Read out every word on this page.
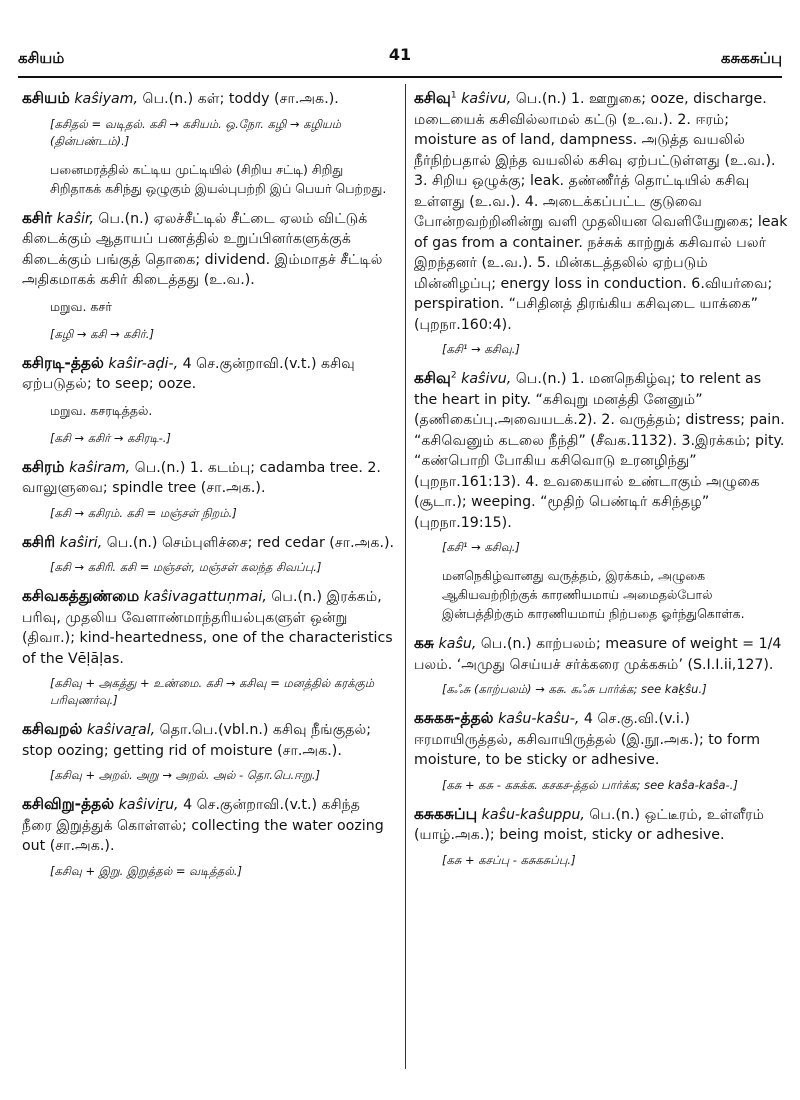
கசியம்	41	கசுகசுப்பு
கசியம் kaŝiyam, பெ.(n.) கள்; toddy (சா.அக.).
[கசிதல் = வடிதல். கசி → கசியம். ஒ.நோ. கழி → கழியம் (தின்பண்டம்).]
பனைமரத்தில் கட்டிய முட்டியில் (சிறிய சட்டி) சிறிது சிறிதாகக் கசிந்து ஒழுகும் இயல்புபற்றி இப் பெயர் பெற்றது.
கசிர் kaŝir, பெ.(n.) ஏலச்சீட்டில் சீட்டை ஏலம் விட்டுக் கிடைக்கும் ஆதாயப் பணத்தில் உறுப்பினர்களுக்குக் கிடைக்கும் பங்குத் தொகை; dividend. இம்மாதச் சீட்டில் அதிகமாகக் கசிர் கிடைத்தது (உ.வ.).
மறுவ. கசர்
[கழி → கசி → கசிர்.]
கசிரடி-த்தல் kaŝir-aḍi-, 4 செ.குன்றாவி.(v.t.) கசிவு ஏற்படுதல்; to seep; ooze.
மறுவ. கசரடித்தல்.
[கசி → கசிர் → கசிரடி-.]
கசிரம் kaŝiram, பெ.(n.) 1. கடம்பு; cadamba tree. 2. வாலுளுவை; spindle tree (சா.அக.).
[கசி → கசிரம். கசி = மஞ்சள் நிறம்.]
கசிரி kaŝiri, பெ.(n.) செம்புளிச்சை; red cedar (சா.அக.).
[கசி → கசிரி. கசி = மஞ்சள், மஞ்சள் கலந்த சிவப்பு.]
கசிவகத்துண்மை kaŝivagattuṇmai, பெ.(n.) இரக்கம், பரிவு, முதலிய வேளாண்மாந்தரியல்புகளுள் ஒன்று (திவா.); kind-heartedness, one of the characteristics of the Vēḷāḷas.
[கசிவு + அகத்து + உண்மை. கசி → கசிவு = மனத்தில் கரக்கும் பரிவுணர்வு.]
கசிவறல் kaŝivaṟal, தொ.பெ.(vbl.n.) கசிவு நீங்குதல்; stop oozing; getting rid of moisture (சா.அக.).
[கசிவு + அறல். அறு → அறல். அல் - தொ.பெ.ஈறு.]
கசிவிறு-த்தல் kaŝiviṟu, 4 செ.குன்றாவி.(v.t.) கசிந்த நீரை இறுத்துக் கொள்ளல்; collecting the water oozing out (சா.அக.).
[கசிவு + இறு. இறுத்தல் = வடித்தல்.]
கசிவு$^1$ kaŝivu, பெ.(n.) 1. ஊறுகை; ooze, discharge. மடையைக் கசிவில்லாமல் கட்டு (உ.வ.). 2. ஈரம்; moisture as of land, dampness. அடுத்த வயலில் நீர்நிற்பதால் இந்த வயலில் கசிவு ஏற்பட்டுள்ளது (உ.வ.). 3. சிறிய ஒழுக்கு; leak. தண்ணீர்த் தொட்டியில் கசிவு உள்ளது (உ.வ.). 4. அடைக்கப்பட்ட குடுவை போன்றவற்றினின்று வளி முதலியன வெளியேறுகை; leak of gas from a container. நச்சுக் காற்றுக் கசிவால் பலர் இறந்தனர் (உ.வ.). 5. மின்கடத்தலில் ஏற்படும் மின்னிழப்பு; energy loss in conduction. 6.வியர்வை; perspiration. “பசிதினத் திரங்கிய கசிவுடை யாக்கை” (புறநா.160:4).
[கசி¹ → கசிவு.]
கசிவு$^2$ kaŝivu, பெ.(n.) 1. மனநெகிழ்வு; to relent as the heart in pity. “கசிவுறு மனத்தி னேனும்” (தணிகைப்பு.அவையடக்.2). 2. வருத்தம்; distress; pain. “கசிவெனும் கடலை நீந்தி” (சீவக.1132). 3.இரக்கம்; pity. “கண்பொறி போகிய கசிவொடு உரனழிந்து” (புறநா.161:13). 4. உவகையால் உண்டாகும் அழுகை (சூடா.); weeping. “மூதிற் பெண்டிர் கசிந்தழ” (புறநா.19:15).
[கசி¹ → கசிவு.]
மனநெகிழ்வானது வருத்தம், இரக்கம், அழுகை ஆகியவற்றிற்குக் காரணியமாய் அமைதல்போல் இன்பத்திற்கும் காரணியமாய் நிற்பதை ஓர்ந்துகொள்க.
கசு kaŝu, பெ.(n.) காற்பலம்; measure of weight = 1/4 பலம். ‘அமுது செய்யச் சர்க்கரை முக்கசும்’ (S.I.I.ii,127).
[கஃசு (காற்பலம்) → கசு. கஃசு பார்க்க; see kaḵŝu.]
கசுகசு-த்தல் kaŝu-kaŝu-, 4 செ.கு.வி.(v.i.) ஈரமாயிருத்தல், கசிவாயிருத்தல் (இ.நூ.அக.); to form moisture, to be sticky or adhesive.
[கசு + கசு - கசுக்க. கசகச-த்தல் பார்க்க; see kaŝa-kaŝa-.]
கசுகசுப்பு kaŝu-kaŝuppu, பெ.(n.) ஒட்டீரம், உள்ளீரம் (யாழ்.அக.); being moist, sticky or adhesive.
[கசு + கசப்பு - கசுகசுப்பு.]
